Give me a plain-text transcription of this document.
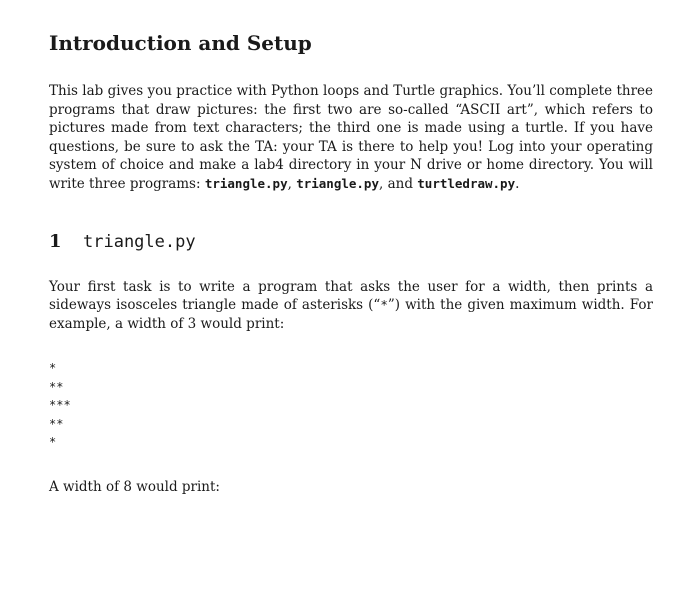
Introduction and Setup

This lab gives you practice with Python loops and Turtle graphics. You’ll complete three programs that draw pictures: the first two are so-called “ASCII art”, which refers to pictures made from text characters; the third one is made using a turtle. If you have questions, be sure to ask the TA: your TA is there to help you! Log into your operating system of choice and make a lab4 directory in your N drive or home directory. You will write three programs: triangle.py, triangle.py, and turtledraw.py.

1 triangle.py

Your first task is to write a program that asks the user for a width, then prints a sideways isosceles triangle made of asterisks (“*”) with the given maximum width. For example, a width of 3 would print:

*
**
***
**
*

A width of 8 would print:
